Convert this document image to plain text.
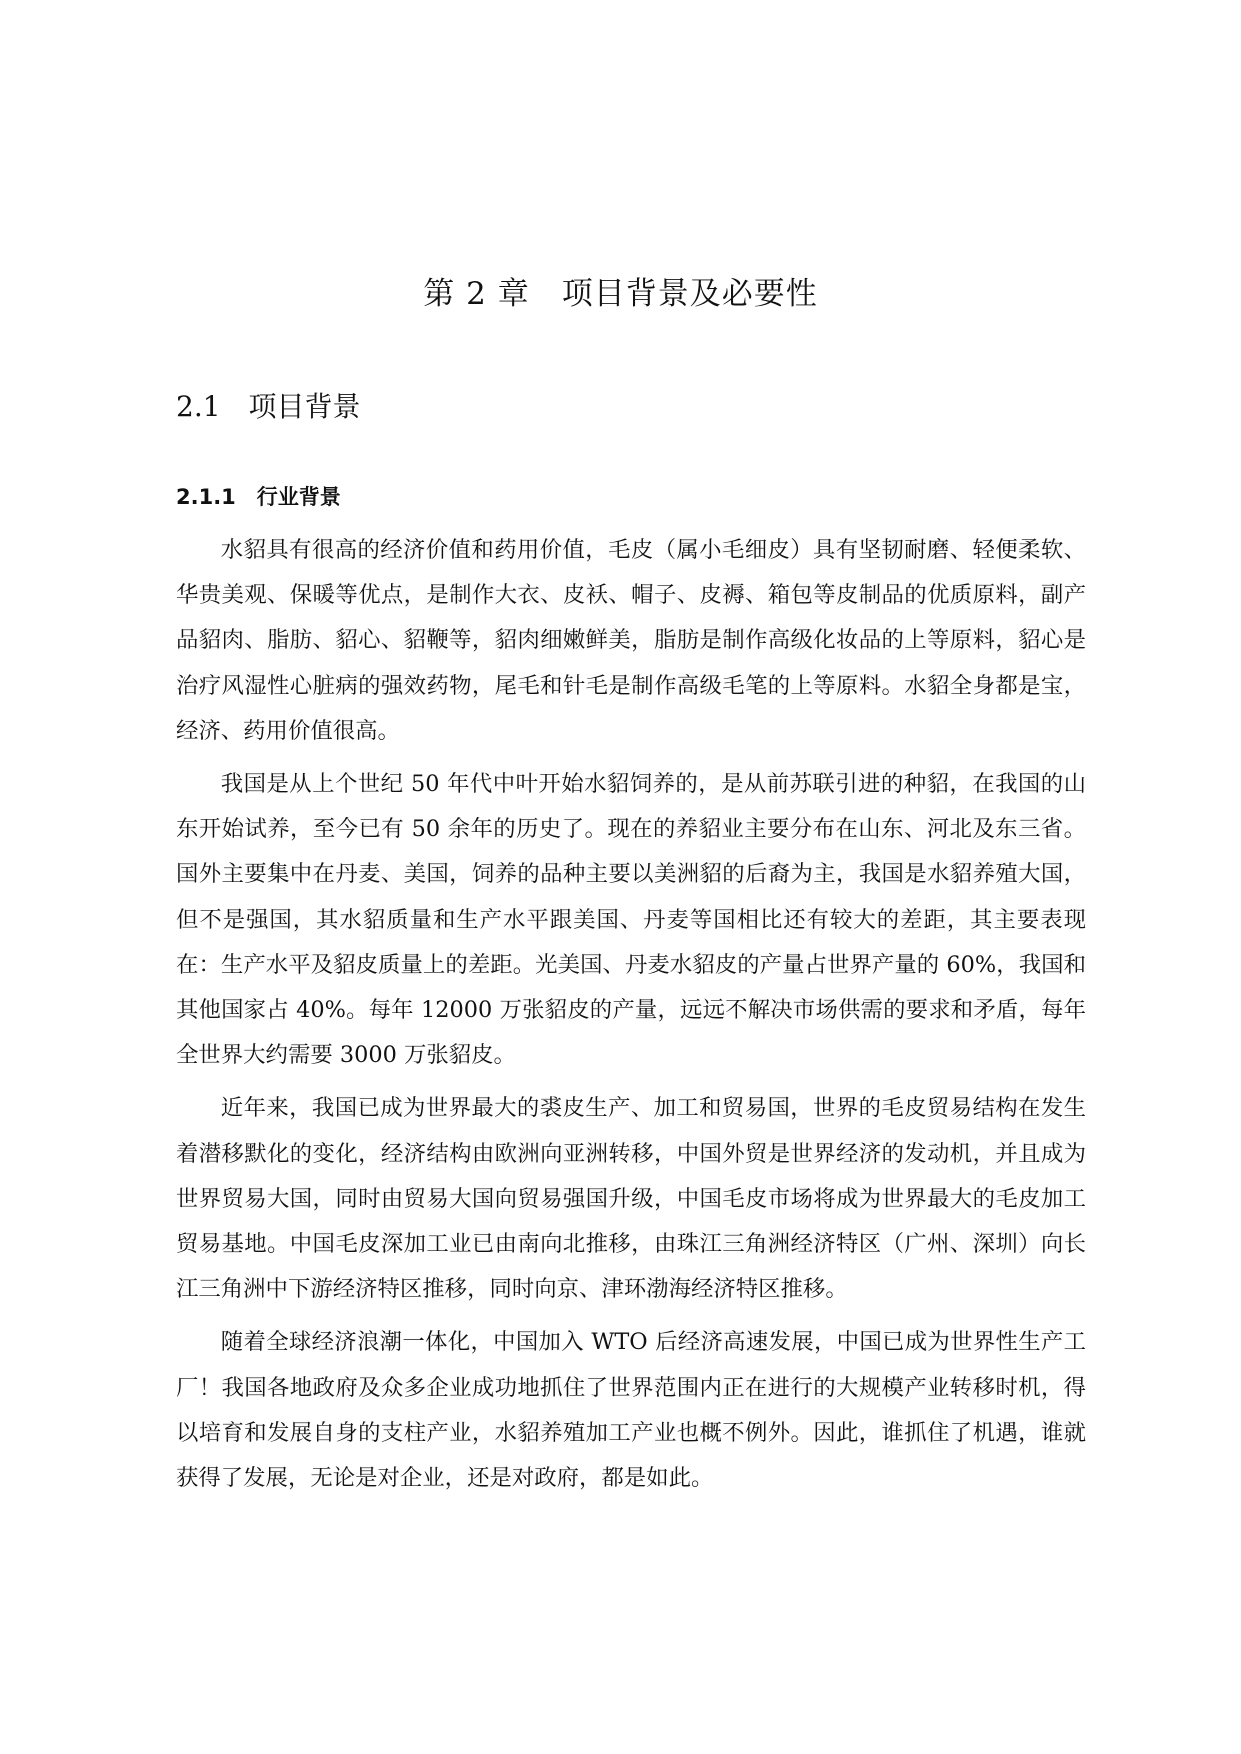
第 2 章　项目背景及必要性
2.1　项目背景
2.1.1　行业背景

水貂具有很高的经济价值和药用价值，毛皮（属小毛细皮）具有坚韧耐磨、轻便柔软、华贵美观、保暖等优点，是制作大衣、皮袄、帽子、皮褥、箱包等皮制品的优质原料，副产品貂肉、脂肪、貂心、貂鞭等，貂肉细嫩鲜美，脂肪是制作高级化妆品的上等原料，貂心是治疗风湿性心脏病的强效药物，尾毛和针毛是制作高级毛笔的上等原料。水貂全身都是宝，经济、药用价值很高。

我国是从上个世纪 50 年代中叶开始水貂饲养的，是从前苏联引进的种貂，在我国的山东开始试养，至今已有 50 余年的历史了。现在的养貂业主要分布在山东、河北及东三省。国外主要集中在丹麦、美国，饲养的品种主要以美洲貂的后裔为主，我国是水貂养殖大国，但不是强国，其水貂质量和生产水平跟美国、丹麦等国相比还有较大的差距，其主要表现在：生产水平及貂皮质量上的差距。光美国、丹麦水貂皮的产量占世界产量的 60%，我国和其他国家占 40%。每年 12000 万张貂皮的产量，远远不解决市场供需的要求和矛盾，每年全世界大约需要 3000 万张貂皮。

近年来，我国已成为世界最大的裘皮生产、加工和贸易国，世界的毛皮贸易结构在发生着潜移默化的变化，经济结构由欧洲向亚洲转移，中国外贸是世界经济的发动机，并且成为世界贸易大国，同时由贸易大国向贸易强国升级，中国毛皮市场将成为世界最大的毛皮加工贸易基地。中国毛皮深加工业已由南向北推移，由珠江三角洲经济特区（广州、深圳）向长江三角洲中下游经济特区推移，同时向京、津环渤海经济特区推移。

随着全球经济浪潮一体化，中国加入 WTO 后经济高速发展，中国已成为世界性生产工厂！我国各地政府及众多企业成功地抓住了世界范围内正在进行的大规模产业转移时机，得以培育和发展自身的支柱产业，水貂养殖加工产业也概不例外。因此，谁抓住了机遇，谁就获得了发展，无论是对企业，还是对政府，都是如此。
